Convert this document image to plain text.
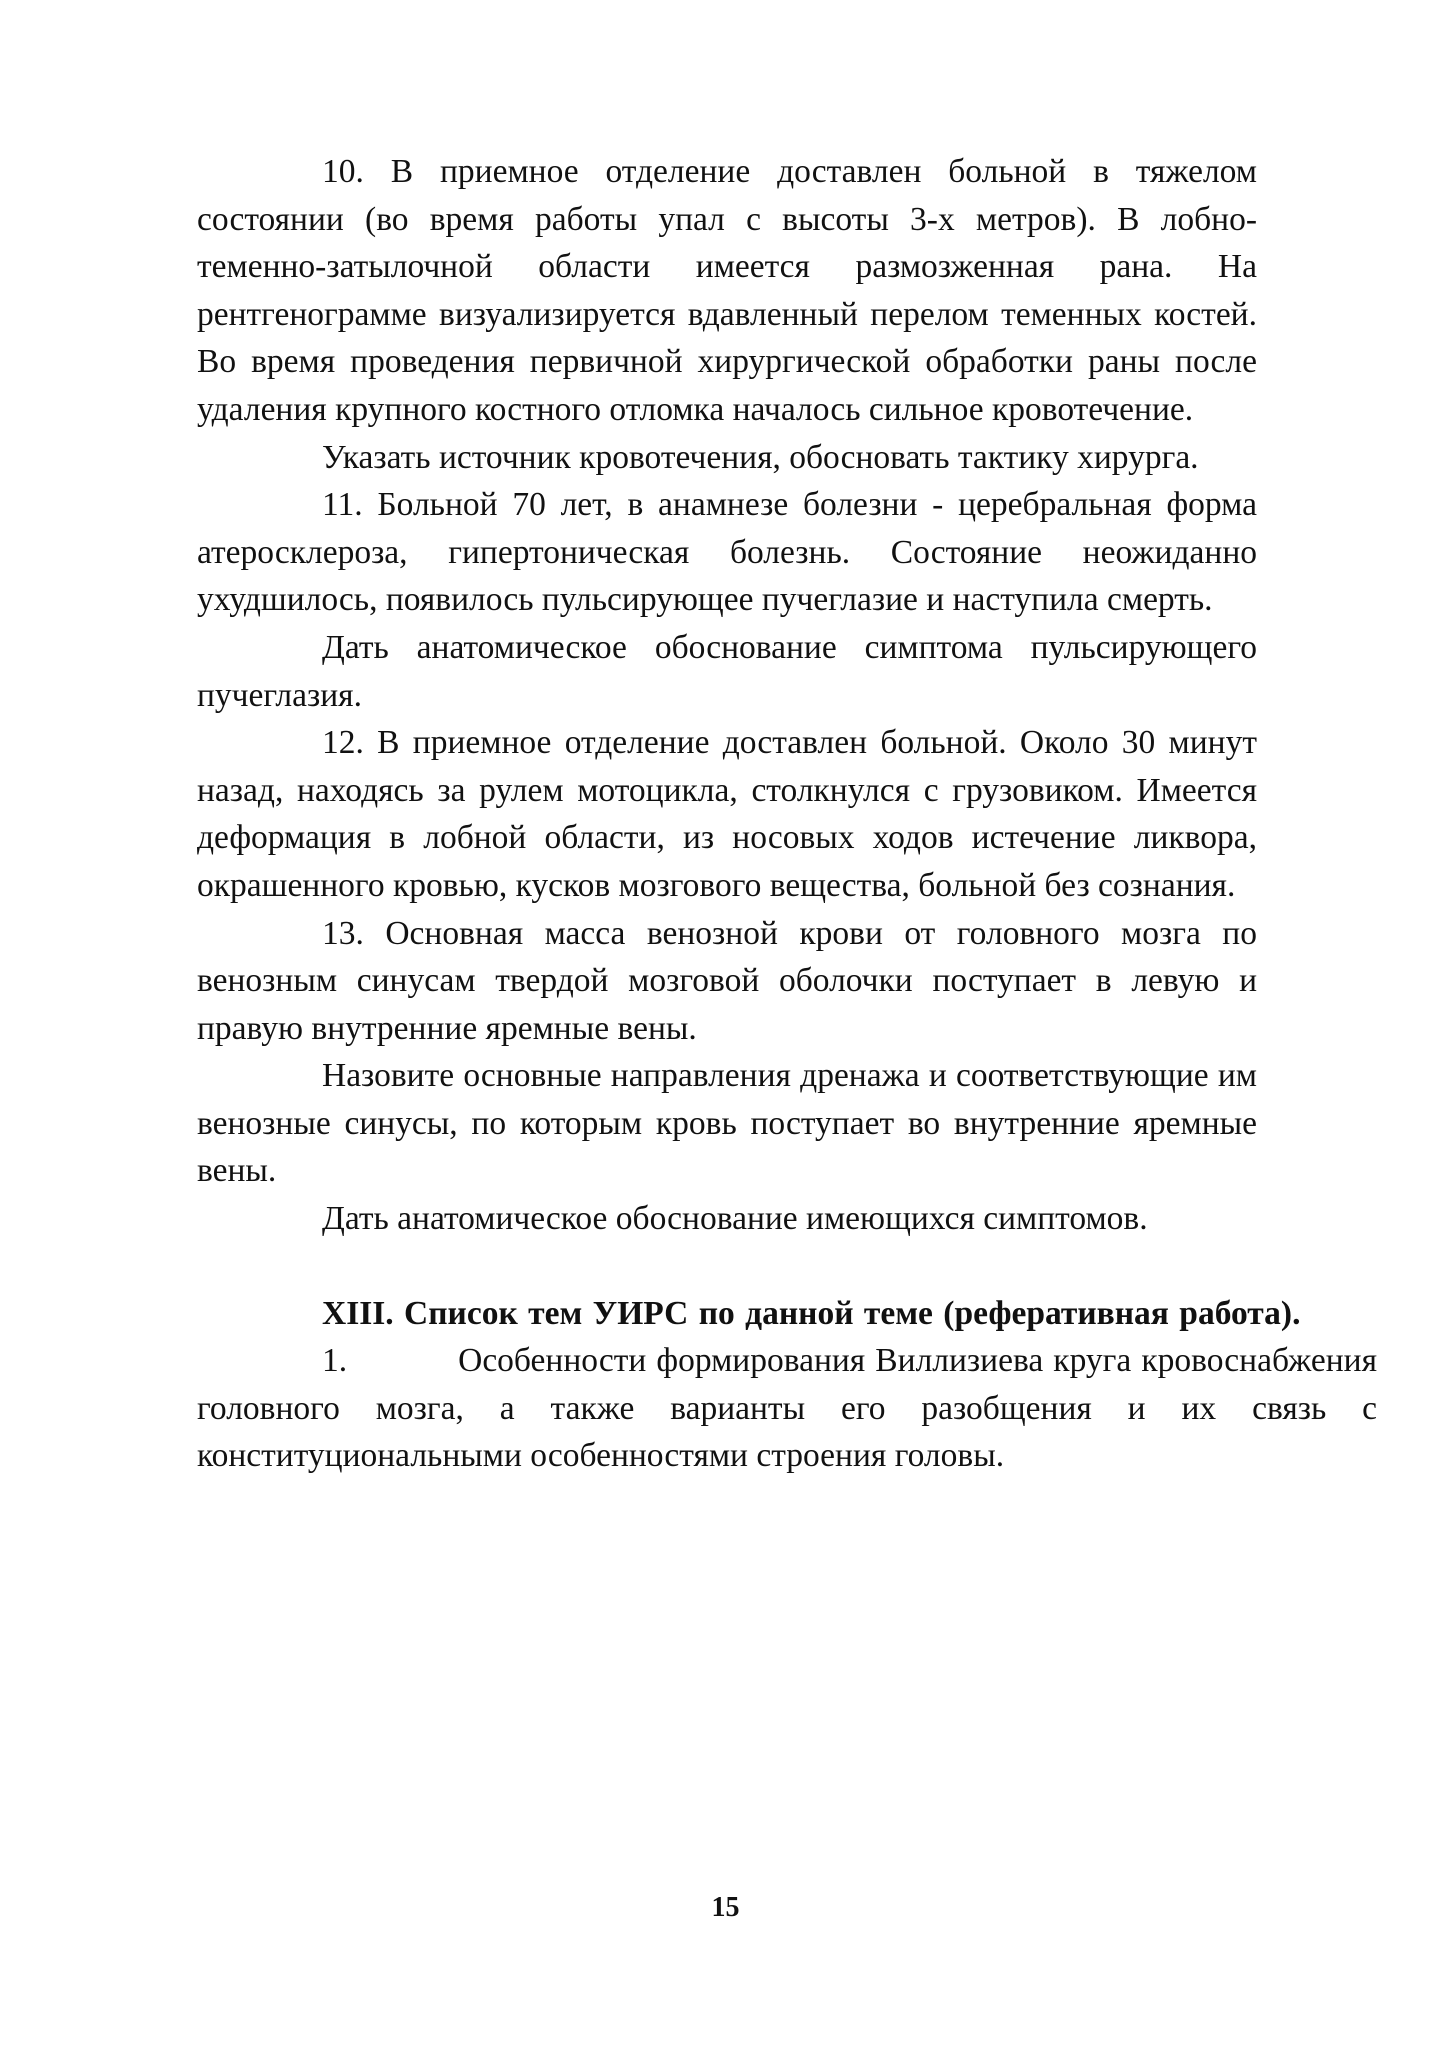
10. В приемное отделение доставлен больной в тяжелом состоянии (во время работы упал с высоты 3-х метров). В лобно-теменно-затылочной области имеется размозженная рана. На рентгенограмме визуализируется вдавленный перелом теменных костей. Во время проведения первичной хирургической обработки раны после удаления крупного костного отломка началось сильное кровотечение.

Указать источник кровотечения, обосновать тактику хирурга.

11. Больной 70 лет, в анамнезе болезни - церебральная форма атеросклероза, гипертоническая болезнь. Состояние неожиданно ухудшилось, появилось пульсирующее пучеглазие и наступила смерть.

Дать анатомическое обоснование симптома пульсирующего пучеглазия.

12. В приемное отделение доставлен больной. Около 30 минут назад, находясь за рулем мотоцикла, столкнулся с грузовиком. Имеется деформация в лобной области, из носовых ходов истечение ликвора, окрашенного кровью, кусков мозгового вещества, больной без сознания.

13. Основная масса венозной крови от головного мозга по венозным синусам твердой мозговой оболочки поступает в левую и правую внутренние яремные вены.

Назовите основные направления дренажа и соответствующие им венозные синусы, по которым кровь поступает во внутренние яремные вены.

Дать анатомическое обоснование имеющихся симптомов.

XIII. Список тем УИРС по данной теме (реферативная работа).

1.	Особенности формирования Виллизиева круга кровоснабжения головного мозга, а также варианты его разобщения и их связь с конституциональными особенностями строения головы.

15
